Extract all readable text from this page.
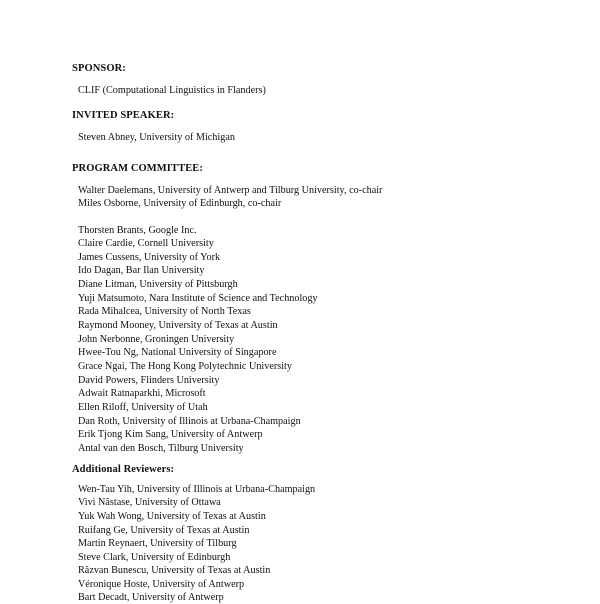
SPONSOR:
CLIF (Computational Linguistics in Flanders)
INVITED SPEAKER:
Steven Abney, University of Michigan
PROGRAM COMMITTEE:
Walter Daelemans, University of Antwerp and Tilburg University, co-chair
Miles Osborne, University of Edinburgh, co-chair
Thorsten Brants, Google Inc.
Claire Cardie, Cornell University
James Cussens, University of York
Ido Dagan, Bar Ilan University
Diane Litman, University of Pittsburgh
Yuji Matsumoto, Nara Institute of Science and Technology
Rada Mihalcea, University of North Texas
Raymond Mooney, University of Texas at Austin
John Nerbonne, Groningen University
Hwee-Tou Ng, National University of Singapore
Grace Ngai, The Hong Kong Polytechnic University
David Powers, Flinders University
Adwait Ratnaparkhi, Microsoft
Ellen Riloff, University of Utah
Dan Roth, University of Illinois at Urbana-Champaign
Erik Tjong Kim Sang, University of Antwerp
Antal van den Bosch, Tilburg University
Additional Reviewers:
Wen-Tau Yih, University of Illinois at Urbana-Champaign
Vivi Năstase, University of Ottawa
Yuk Wah Wong, University of Texas at Austin
Ruifang Ge, University of Texas at Austin
Martin Reynaert, University of Tilburg
Steve Clark, University of Edinburgh
Răzvan Bunescu, University of Texas at Austin
Véronique Hoste, University of Antwerp
Bart Decadt, University of Antwerp
